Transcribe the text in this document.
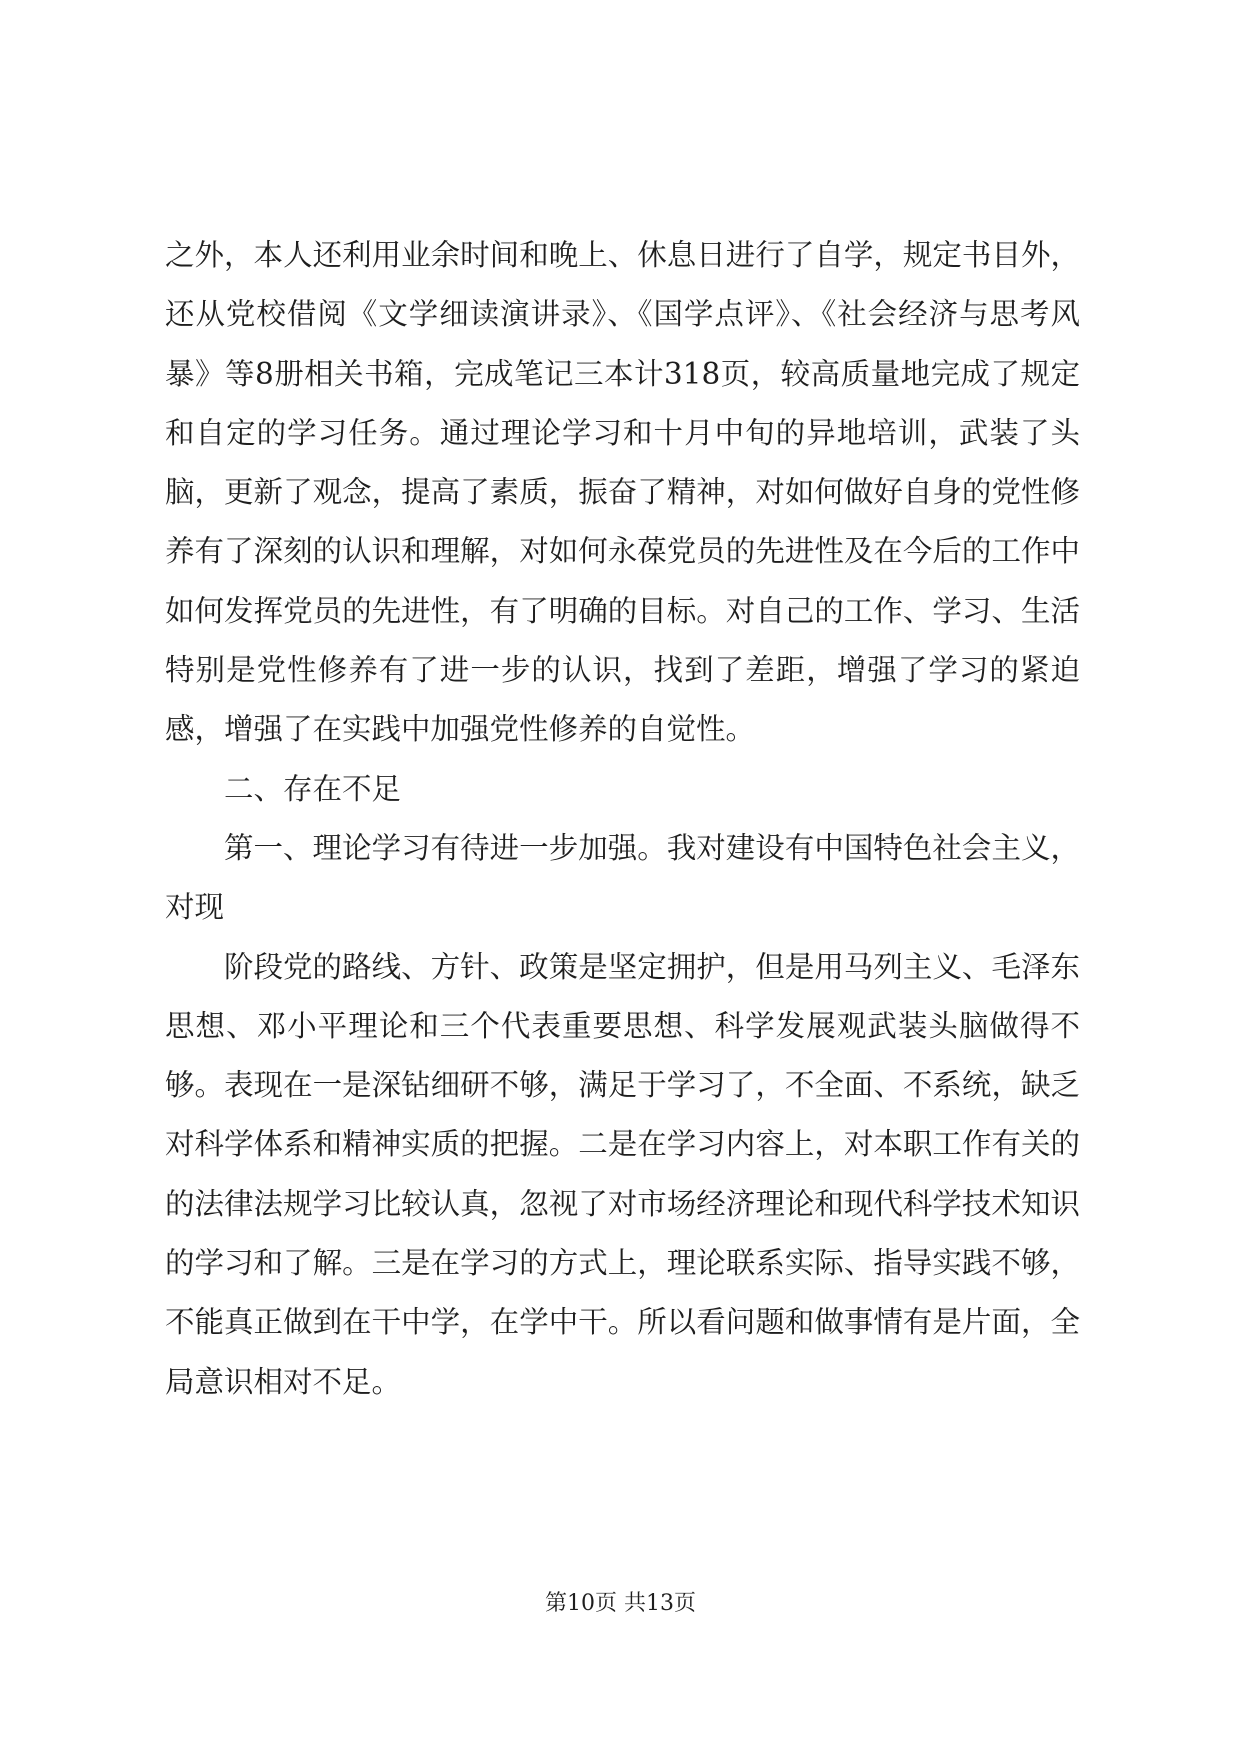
之外，本人还利用业余时间和晚上、休息日进行了自学，规定书目外，还从党校借阅《文学细读演讲录》、《国学点评》、《社会经济与思考风暴》等8册相关书箱，完成笔记三本计318页，较高质量地完成了规定和自定的学习任务。通过理论学习和十月中旬的异地培训，武装了头脑，更新了观念，提高了素质，振奋了精神，对如何做好自身的党性修养有了深刻的认识和理解，对如何永葆党员的先进性及在今后的工作中如何发挥党员的先进性，有了明确的目标。对自己的工作、学习、生活特别是党性修养有了进一步的认识，找到了差距，增强了学习的紧迫感，增强了在实践中加强党性修养的自觉性。

二、存在不足

第一、理论学习有待进一步加强。我对建设有中国特色社会主义，对现

阶段党的路线、方针、政策是坚定拥护，但是用马列主义、毛泽东思想、邓小平理论和三个代表重要思想、科学发展观武装头脑做得不够。表现在一是深钻细研不够，满足于学习了，不全面、不系统，缺乏对科学体系和精神实质的把握。二是在学习内容上，对本职工作有关的的法律法规学习比较认真，忽视了对市场经济理论和现代科学技术知识的学习和了解。三是在学习的方式上，理论联系实际、指导实践不够，不能真正做到在干中学，在学中干。所以看问题和做事情有是片面，全局意识相对不足。

第10页 共13页
